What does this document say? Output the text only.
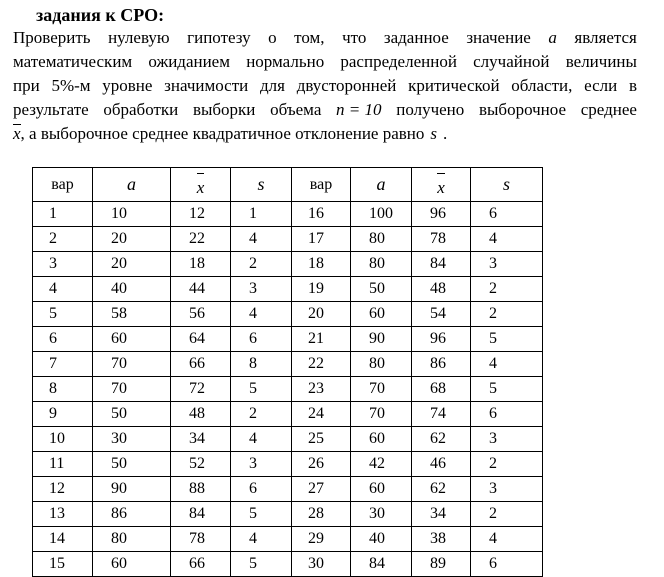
задания к СРО:
Проверить нулевую гипотезу о том, что заданное значение a является
математическим ожиданием нормально распределенной случайной величины
при 5%-м уровне значимости для двусторонней критической области, если в
результате обработки выборки объема n = 10 получено выборочное среднее
x , а выборочное среднее квадратичное отклонение равно s .
вар	a	x	s	вар	a	x	s
1	10	12	1	16	100	96	6
2	20	22	4	17	80	78	4
3	20	18	2	18	80	84	3
4	40	44	3	19	50	48	2
5	58	56	4	20	60	54	2
6	60	64	6	21	90	96	5
7	70	66	8	22	80	86	4
8	70	72	5	23	70	68	5
9	50	48	2	24	70	74	6
10	30	34	4	25	60	62	3
11	50	52	3	26	42	46	2
12	90	88	6	27	60	62	3
13	86	84	5	28	30	34	2
14	80	78	4	29	40	38	4
15	60	66	5	30	84	89	6
